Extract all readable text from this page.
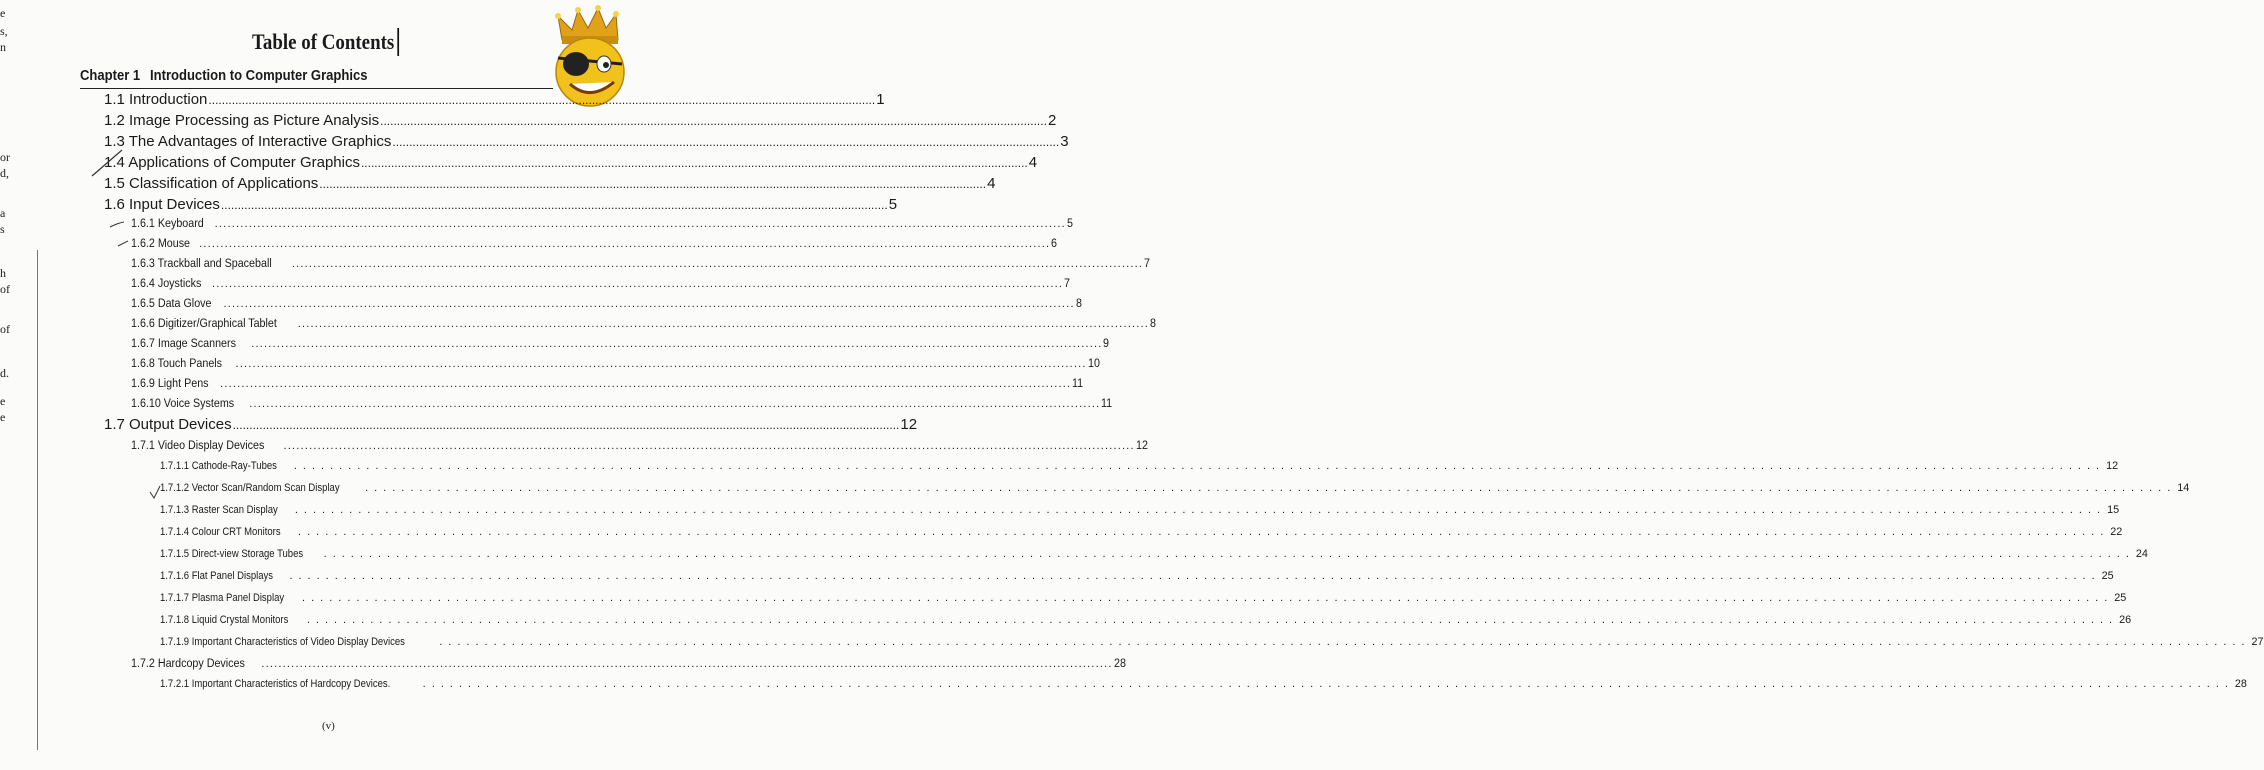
e
s,
n
or
d,
a
s
h
of
of
d.
e
e
Table of Contents
Chapter 1 Introduction to Computer Graphics
1.1 Introduction ........................................................................................................................................................................................................ 1
1.2 Image Processing as Picture Analysis ........................................................................................................................................................................................................ 2
1.3 The Advantages of Interactive Graphics ........................................................................................................................................................................................................ 3
1.4 Applications of Computer Graphics ........................................................................................................................................................................................................ 4
1.5 Classification of Applications ........................................................................................................................................................................................................ 4
1.6 Input Devices ........................................................................................................................................................................................................ 5
1.6.1 Keyboard ........................................................................................................................................................................................................ 5
1.6.2 Mouse ........................................................................................................................................................................................................ 6
1.6.3 Trackball and Spaceball ........................................................................................................................................................................................................ 7
1.6.4 Joysticks ........................................................................................................................................................................................................ 7
1.6.5 Data Glove ........................................................................................................................................................................................................ 8
1.6.6 Digitizer/Graphical Tablet ........................................................................................................................................................................................................ 8
1.6.7 Image Scanners ........................................................................................................................................................................................................ 9
1.6.8 Touch Panels ........................................................................................................................................................................................................ 10
1.6.9 Light Pens ........................................................................................................................................................................................................ 11
1.6.10 Voice Systems ........................................................................................................................................................................................................ 11
1.7 Output Devices ........................................................................................................................................................................................................ 12
1.7.1 Video Display Devices ........................................................................................................................................................................................................ 12
1.7.1.1 Cathode-Ray-Tubes ........................................................................................................................................................................................................ 12
1.7.1.2 Vector Scan/Random Scan Display ........................................................................................................................................................................................................ 14
1.7.1.3 Raster Scan Display ........................................................................................................................................................................................................ 15
1.7.1.4 Colour CRT Monitors ........................................................................................................................................................................................................ 22
1.7.1.5 Direct-view Storage Tubes ........................................................................................................................................................................................................ 24
1.7.1.6 Flat Panel Displays ........................................................................................................................................................................................................ 25
1.7.1.7 Plasma Panel Display ........................................................................................................................................................................................................ 25
1.7.1.8 Liquid Crystal Monitors ........................................................................................................................................................................................................ 26
1.7.1.9 Important Characteristics of Video Display Devices	........................................................................................................................................................................................................ 27
1.7.2 Hardcopy Devices ........................................................................................................................................................................................................ 28
1.7.2.1 Important Characteristics of Hardcopy Devices.	........................................................................................................................................................................................................ 28
(v)
